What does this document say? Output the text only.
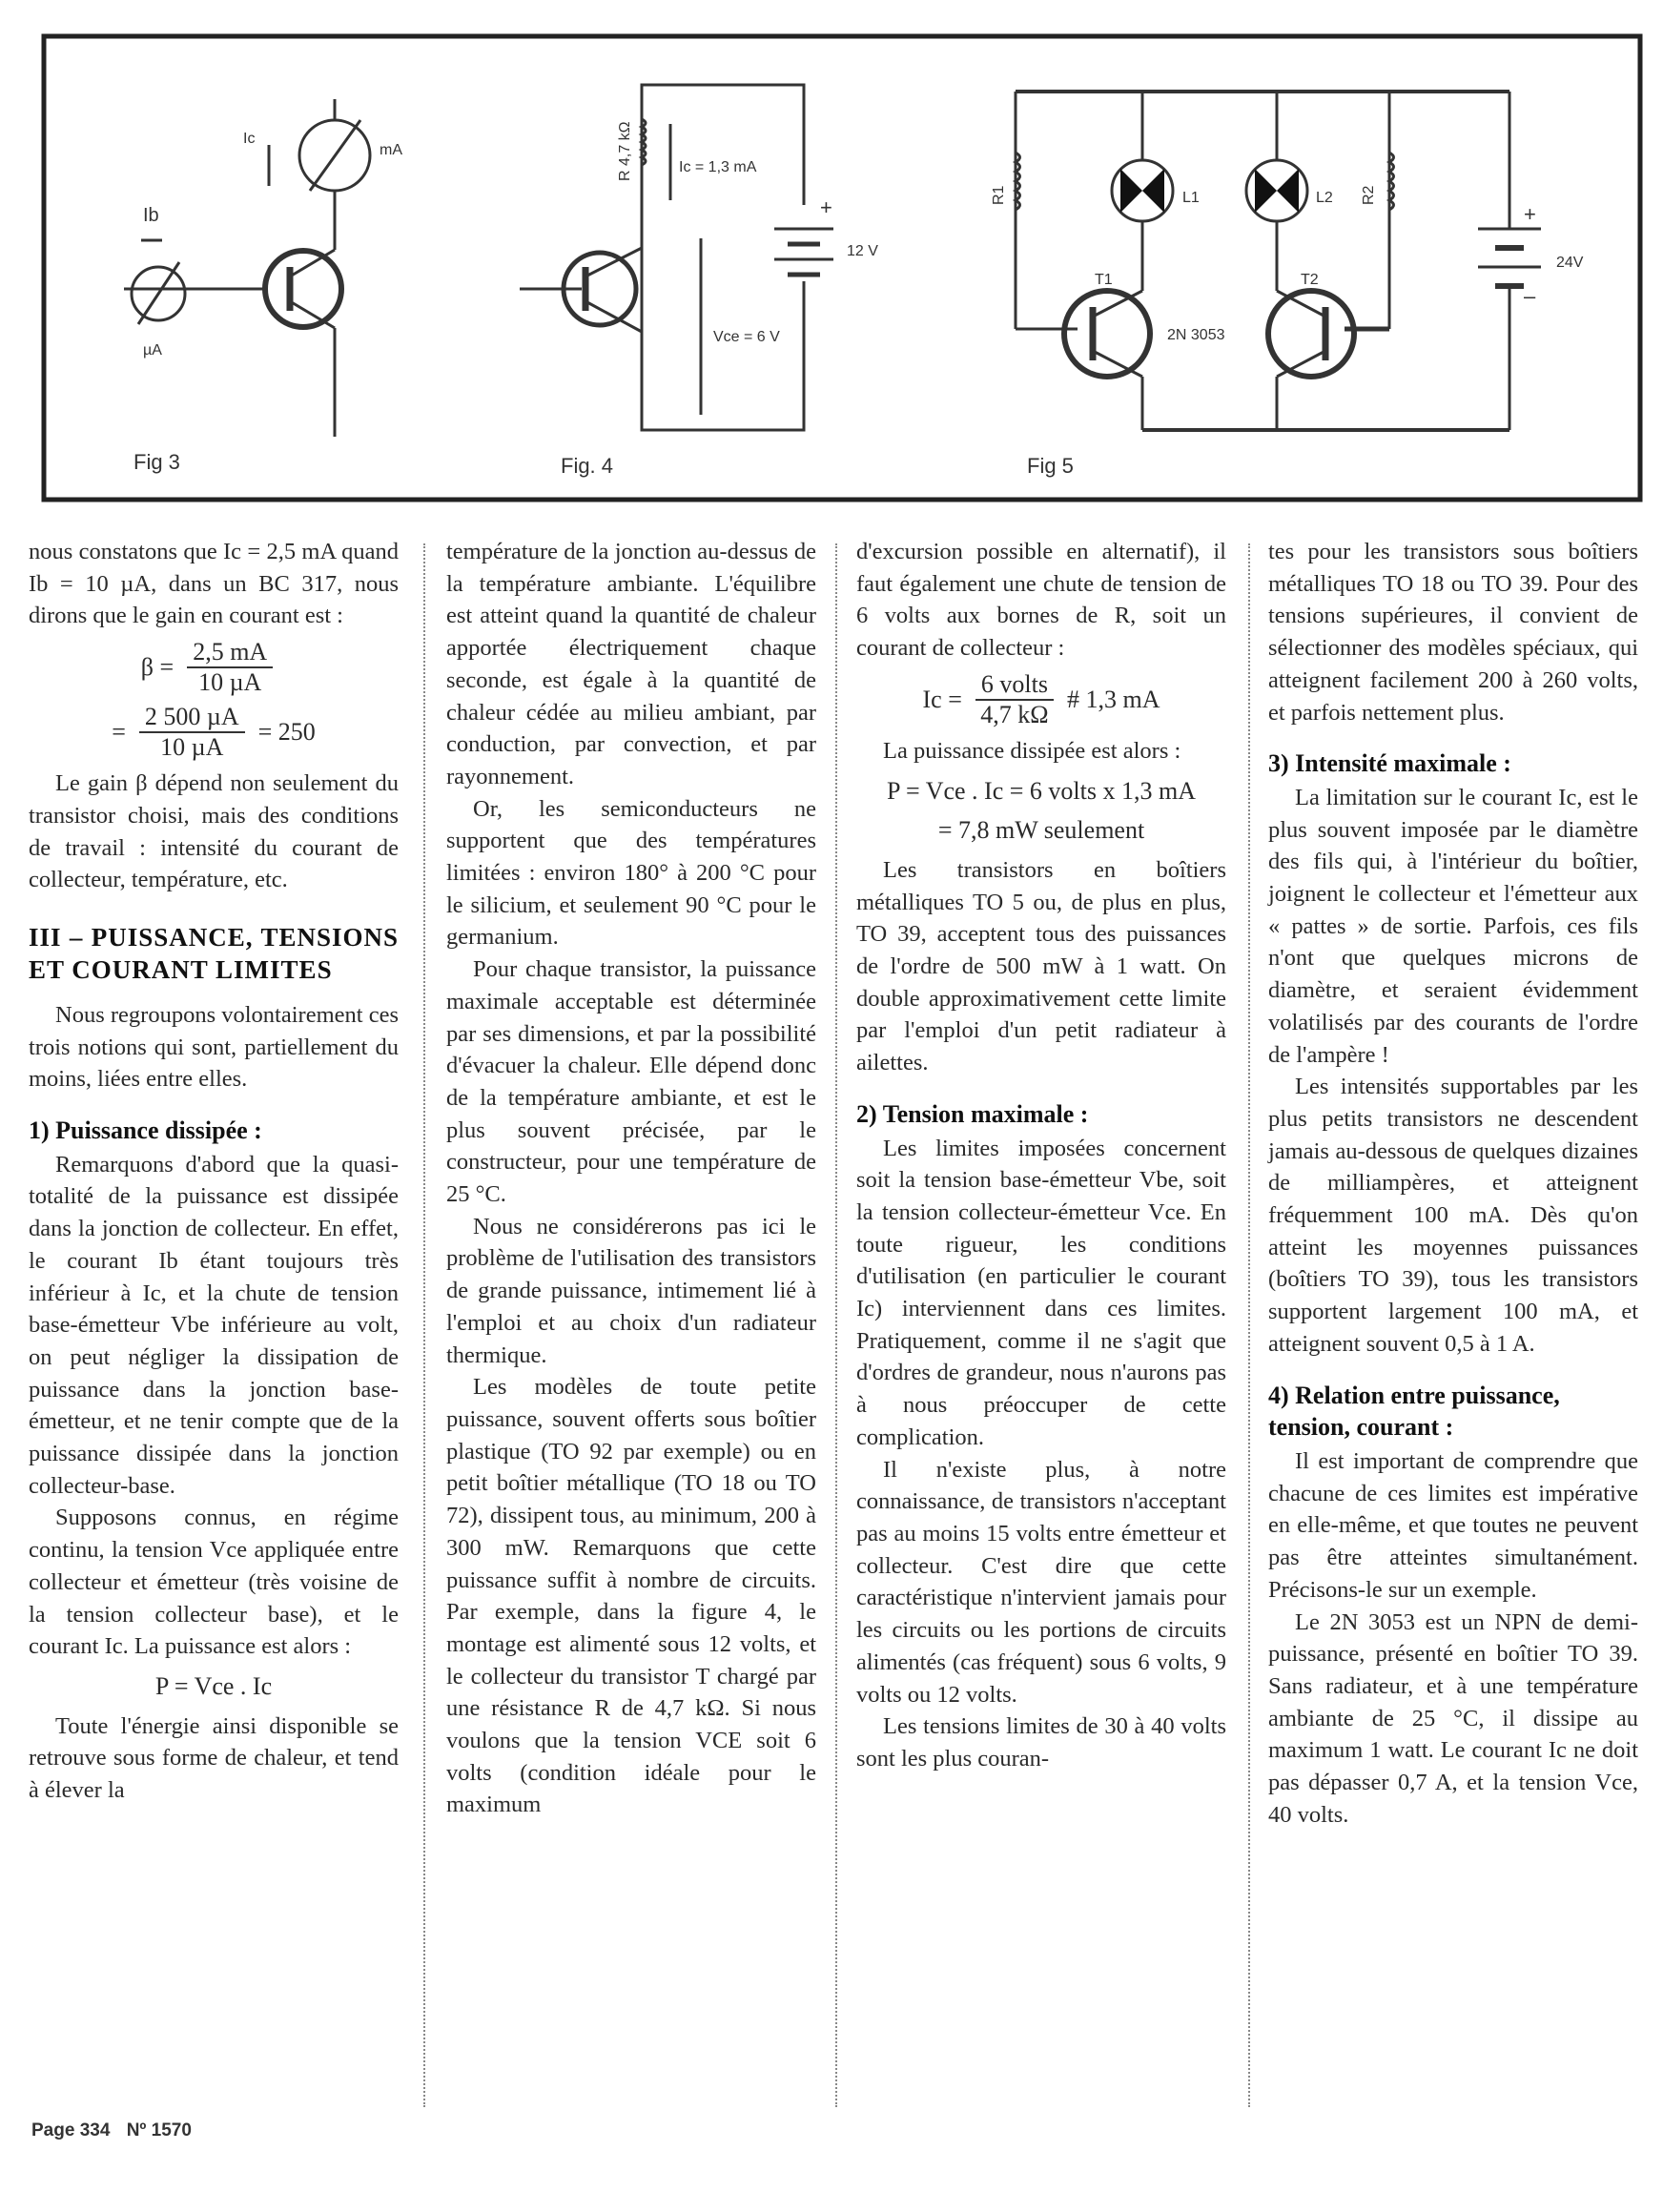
Ic
mA
Ib
µA
Fig 3
R 4,7 kΩ	Ic = 1,3 mA
+
12 V
Vce = 6 V
Fig. 4
R1	R2
L1	L2
T1	T2
2N 3053
+
–
24V
Fig 5
nous constatons que Ic = 2,5 mA quand Ib = 10 µA, dans un BC 317, nous dirons que le gain en courant est :
$\beta = \frac{2,5 mA}{\text{10 µA}}$
= $\frac{\text{2 500 µA}}{\text{10 µA}} = 250$
Le gain β dépend non seulement du transistor choisi, mais des conditions de travail : intensité du courant de collecteur, température, etc.
III – PUISSANCE, TENSIONS ET COURANT LIMITES
Nous regroupons volontairement ces trois notions qui sont, partiellement du moins, liées entre elles.
1) Puissance dissipée :
Remarquons d'abord que la quasi-totalité de la puissance est dissipée dans la jonction de collecteur. En effet, le courant Ib étant toujours très inférieur à Ic, et la chute de tension base-émetteur Vbe inférieure au volt, on peut négliger la dissipation de puissance dans la jonction base-émetteur, et ne tenir compte que de la puissance dissipée dans la jonction collecteur-base.
Supposons connus, en régime continu, la tension Vce appliquée entre collecteur et émetteur (très voisine de la tension collecteur base), et le courant Ic. La puissance est alors :
P = Vce . Ic
Toute l'énergie ainsi disponible se retrouve sous forme de chaleur, et tend à élever la
température de la jonction au-dessus de la température ambiante. L'équilibre est atteint quand la quantité de chaleur apportée électriquement chaque seconde, est égale à la quantité de chaleur cédée au milieu ambiant, par conduction, par convection, et par rayonnement.
Or, les semiconducteurs ne supportent que des températures limitées : environ 180° à 200 °C pour le silicium, et seulement 90 °C pour le germanium.
Pour chaque transistor, la puissance maximale acceptable est déterminée par ses dimensions, et par la possibilité d'évacuer la chaleur. Elle dépend donc de la température ambiante, et est le plus souvent précisée, par le constructeur, pour une température de 25 °C.
Nous ne considérerons pas ici le problème de l'utilisation des transistors de grande puissance, intimement lié à l'emploi et au choix d'un radiateur thermique.
Les modèles de toute petite puissance, souvent offerts sous boîtier plastique (TO 92 par exemple) ou en petit boîtier métallique (TO 18 ou TO 72), dissipent tous, au minimum, 200 à 300 mW. Remarquons que cette puissance suffit à nombre de circuits. Par exemple, dans la figure 4, le montage est alimenté sous 12 volts, et le collecteur du transistor T chargé par une résistance R de 4,7 kΩ. Si nous voulons que la tension VCE soit 6 volts (condition idéale pour le maximum
d'excursion possible en alternatif), il faut également une chute de tension de 6 volts aux bornes de R, soit un courant de collecteur :
$Ic = \frac{\text{6 volts}}{4,7 k\Omega}$ # 1,3 mA
La puissance dissipée est alors :
P = Vce . Ic = 6 volts x 1,3 mA
= 7,8 mW seulement
Les transistors en boîtiers métalliques TO 5 ou, de plus en plus, TO 39, acceptent tous des puissances de l'ordre de 500 mW à 1 watt. On double approximativement cette limite par l'emploi d'un petit radiateur à ailettes.
2) Tension maximale :
Les limites imposées concernent soit la tension base-émetteur Vbe, soit la tension collecteur-émetteur Vce. En toute rigueur, les conditions d'utilisation (en particulier le courant Ic) interviennent dans ces limites. Pratiquement, comme il ne s'agit que d'ordres de grandeur, nous n'aurons pas à nous préoccuper de cette complication.
Il n'existe plus, à notre connaissance, de transistors n'acceptant pas au moins 15 volts entre émetteur et collecteur. C'est dire que cette caractéristique n'intervient jamais pour les circuits ou les portions de circuits alimentés (cas fréquent) sous 6 volts, 9 volts ou 12 volts.
Les tensions limites de 30 à 40 volts sont les plus couran-
tes pour les transistors sous boîtiers métalliques TO 18 ou TO 39. Pour des tensions supérieures, il convient de sélectionner des modèles spéciaux, qui atteignent facilement 200 à 260 volts, et parfois nettement plus.
3) Intensité maximale :
La limitation sur le courant Ic, est le plus souvent imposée par le diamètre des fils qui, à l'intérieur du boîtier, joignent le collecteur et l'émetteur aux « pattes » de sortie. Parfois, ces fils n'ont que quelques microns de diamètre, et seraient évidemment volatilisés par des courants de l'ordre de l'ampère !
Les intensités supportables par les plus petits transistors ne descendent jamais au-dessous de quelques dizaines de milliampères, et atteignent fréquemment 100 mA. Dès qu'on atteint les moyennes puissances (boîtiers TO 39), tous les transistors supportent largement 100 mA, et atteignent souvent 0,5 à 1 A.
4) Relation entre puissance, tension, courant :
Il est important de comprendre que chacune de ces limites est impérative en elle-même, et que toutes ne peuvent pas être atteintes simultanément. Précisons-le sur un exemple.
Le 2N 3053 est un NPN de demi-puissance, présenté en boîtier TO 39. Sans radiateur, et à une température ambiante de 25 °C, il dissipe au maximum 1 watt. Le courant Ic ne doit pas dépasser 0,7 A, et la tension Vce, 40 volts.
Page 334 Nº 1570
